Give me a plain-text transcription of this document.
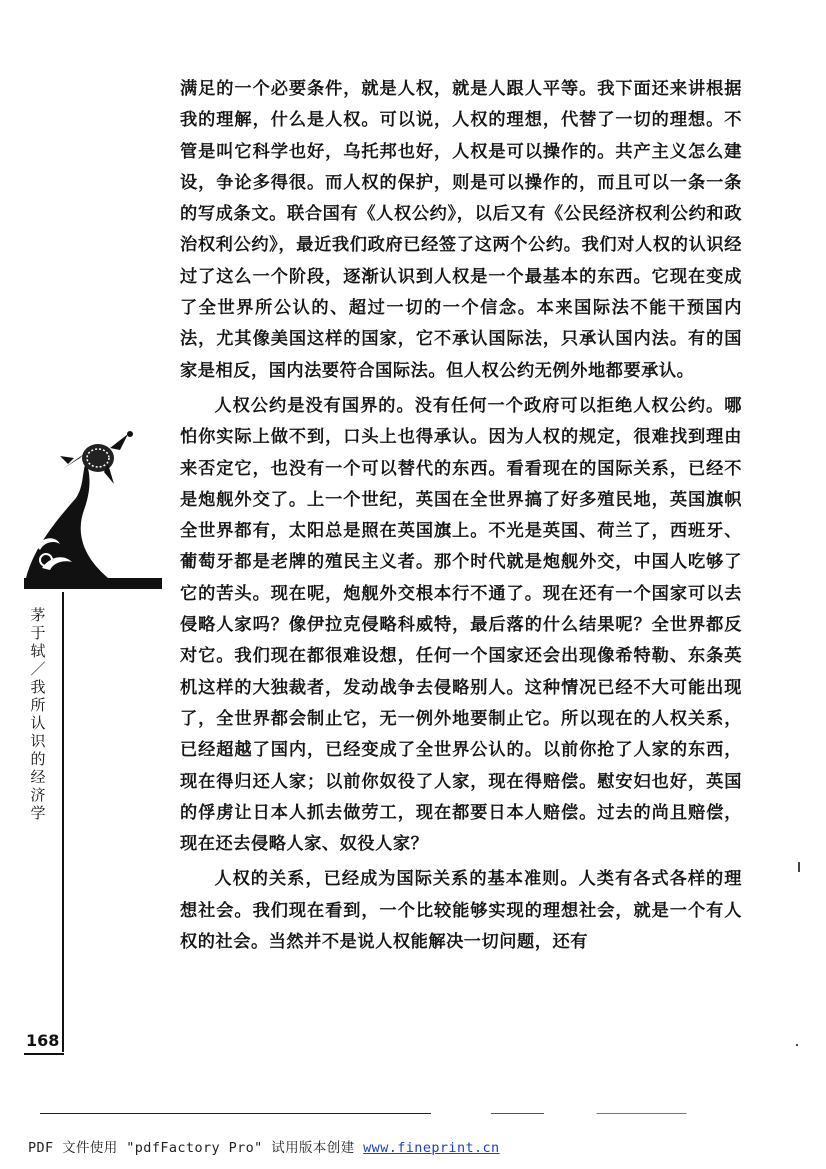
满足的一个必要条件，就是人权，就是人跟人平等。我下面还来讲根据我的理解，什么是人权。可以说，人权的理想，代替了一切的理想。不管是叫它科学也好，乌托邦也好，人权是可以操作的。共产主义怎么建设，争论多得很。而人权的保护，则是可以操作的，而且可以一条一条的写成条文。联合国有《人权公约》，以后又有《公民经济权利公约和政治权利公约》，最近我们政府已经签了这两个公约。我们对人权的认识经过了这么一个阶段，逐渐认识到人权是一个最基本的东西。它现在变成了全世界所公认的、超过一切的一个信念。本来国际法不能干预国内法，尤其像美国这样的国家，它不承认国际法，只承认国内法。有的国家是相反，国内法要符合国际法。但人权公约无例外地都要承认。

人权公约是没有国界的。没有任何一个政府可以拒绝人权公约。哪怕你实际上做不到，口头上也得承认。因为人权的规定，很难找到理由来否定它，也没有一个可以替代的东西。看看现在的国际关系，已经不是炮舰外交了。上一个世纪，英国在全世界搞了好多殖民地，英国旗帜全世界都有，太阳总是照在英国旗上。不光是英国、荷兰了，西班牙、葡萄牙都是老牌的殖民主义者。那个时代就是炮舰外交，中国人吃够了它的苦头。现在呢，炮舰外交根本行不通了。现在还有一个国家可以去侵略人家吗？像伊拉克侵略科威特，最后落的什么结果呢？全世界都反对它。我们现在都很难设想，任何一个国家还会出现像希特勒、东条英机这样的大独裁者，发动战争去侵略别人。这种情况已经不大可能出现了，全世界都会制止它，无一例外地要制止它。所以现在的人权关系，已经超越了国内，已经变成了全世界公认的。以前你抢了人家的东西，现在得归还人家；以前你奴役了人家，现在得赔偿。慰安妇也好，英国的俘虏让日本人抓去做劳工，现在都要日本人赔偿。过去的尚且赔偿，现在还去侵略人家、奴役人家？

人权的关系，已经成为国际关系的基本准则。人类有各式各样的理想社会。我们现在看到，一个比较能够实现的理想社会，就是一个有人权的社会。当然并不是说人权能解决一切问题，还有

茅于轼／我所认识的经济学
168
PDF 文件使用 "pdfFactory Pro" 试用版本创建 www.fineprint.cn
